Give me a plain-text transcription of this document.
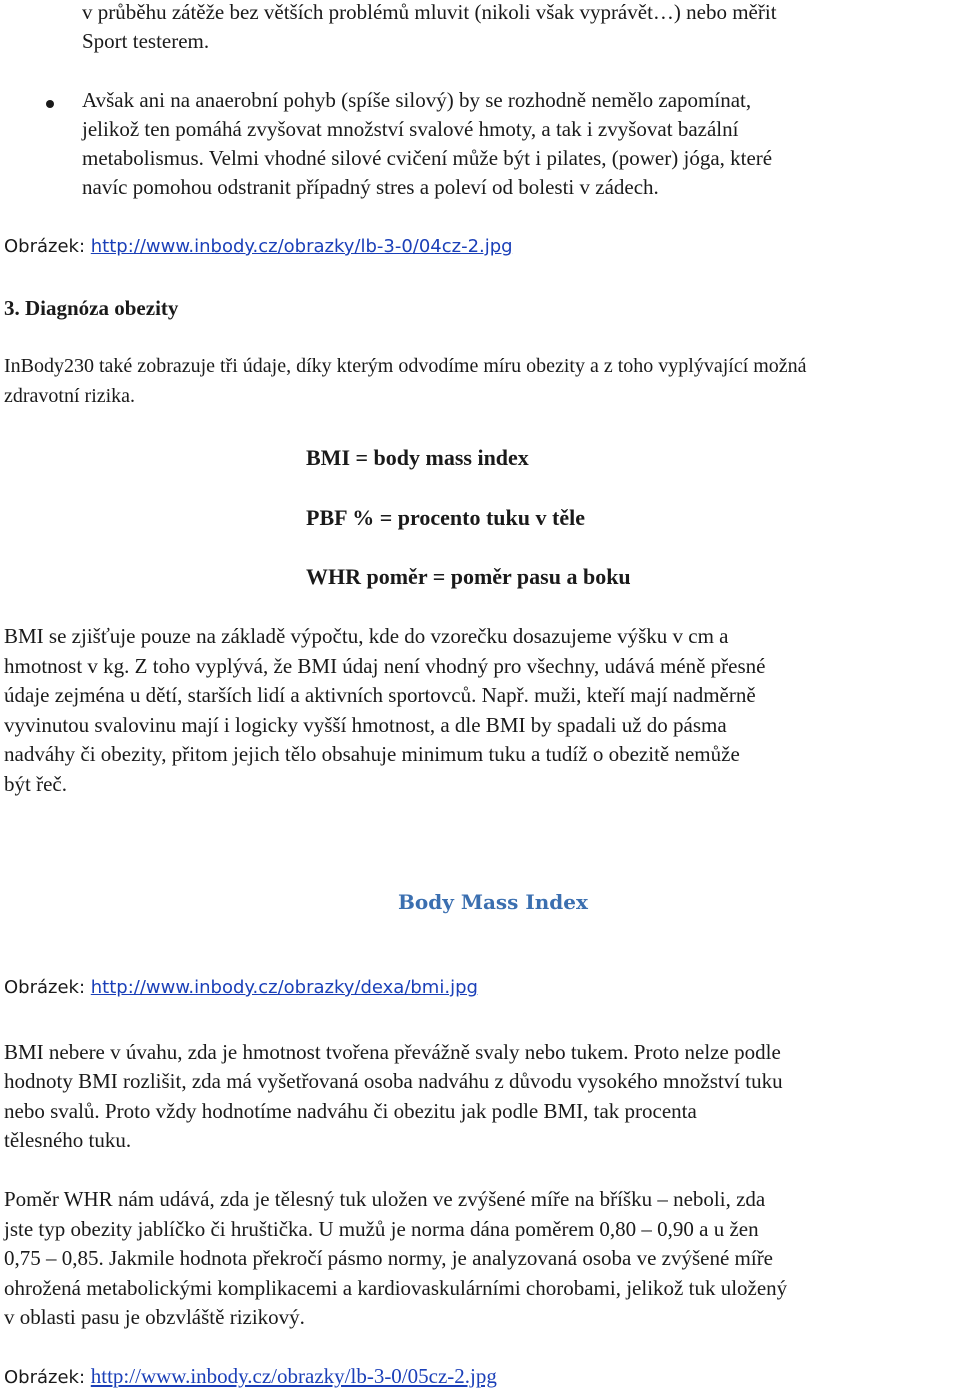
v průběhu zátěže bez větších problémů mluvit (nikoli však vyprávět…) nebo měřit
Sport testerem.
Avšak ani na anaerobní pohyb (spíše silový) by se rozhodně nemělo zapomínat,
jelikož ten pomáhá zvyšovat množství svalové hmoty, a tak i zvyšovat bazální
metabolismus. Velmi vhodné silové cvičení může být i pilates, (power) jóga, které
navíc pomohou odstranit případný stres a poleví od bolesti v zádech.
Obrázek: http://www.inbody.cz/obrazky/lb-3-0/04cz-2.jpg
3. Diagnóza obezity
InBody230 také zobrazuje tři údaje, díky kterým odvodíme míru obezity a z toho vyplývající možná
zdravotní rizika.
BMI = body mass index
PBF % = procento tuku v těle
WHR poměr = poměr pasu a boku
BMI se zjišťuje pouze na základě výpočtu, kde do vzorečku dosazujeme výšku v cm a
hmotnost v kg. Z toho vyplývá, že BMI údaj není vhodný pro všechny, udává méně přesné
údaje zejména u dětí, starších lidí a aktivních sportovců. Např. muži, kteří mají nadměrně
vyvinutou svalovinu mají i logicky vyšší hmotnost, a dle BMI by spadali už do pásma
nadváhy či obezity, přitom jejich tělo obsahuje minimum tuku a tudíž o obezitě nemůže
být řeč.
Body Mass Index
Obrázek: http://www.inbody.cz/obrazky/dexa/bmi.jpg
BMI nebere v úvahu, zda je hmotnost tvořena převážně svaly nebo tukem. Proto nelze podle
hodnoty BMI rozlišit, zda má vyšetřovaná osoba nadváhu z důvodu vysokého množství tuku
nebo svalů. Proto vždy hodnotíme nadváhu či obezitu jak podle BMI, tak procenta
tělesného tuku.
Poměr WHR nám udává, zda je tělesný tuk uložen ve zvýšené míře na bříšku – neboli, zda
jste typ obezity jablíčko či hruštička. U mužů je norma dána poměrem 0,80 – 0,90 a u žen
0,75 – 0,85. Jakmile hodnota překročí pásmo normy, je analyzovaná osoba ve zvýšené míře
ohrožená metabolickými komplikacemi a kardiovaskulárními chorobami, jelikož tuk uložený
v oblasti pasu je obzvláště rizikový.
Obrázek: http://www.inbody.cz/obrazky/lb-3-0/05cz-2.jpg
